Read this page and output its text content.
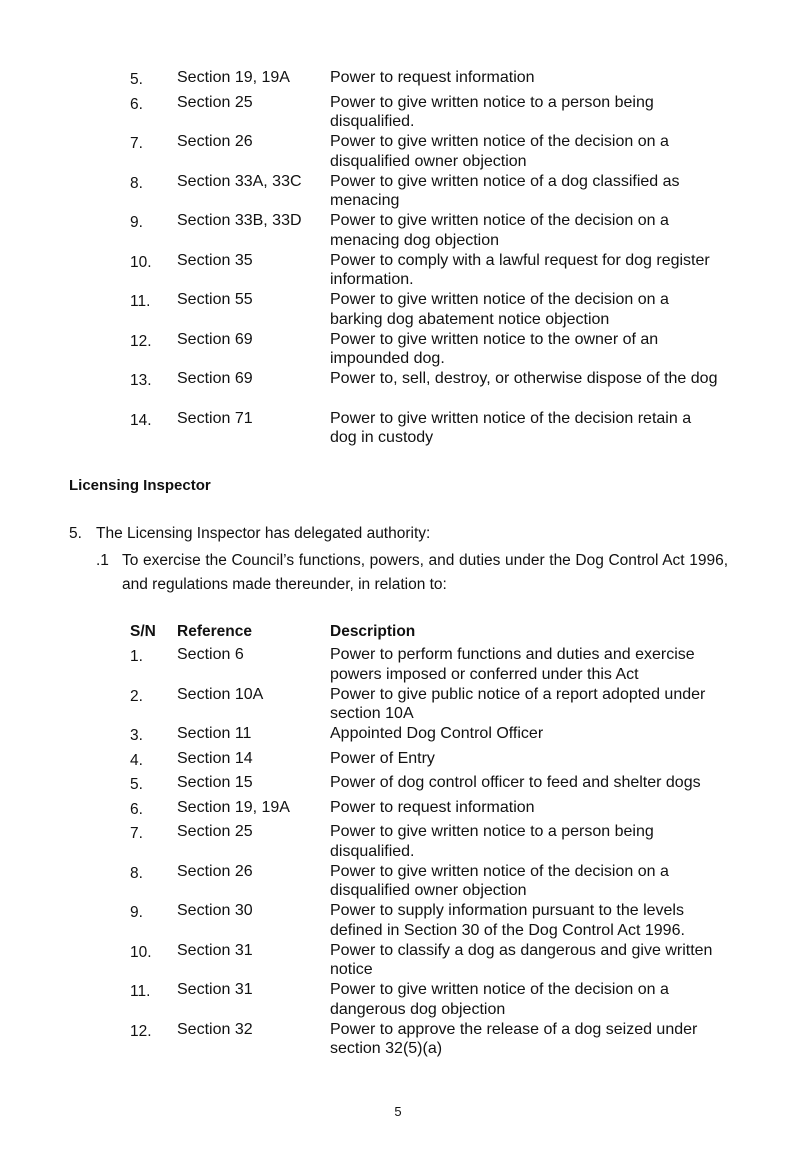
5.	Section 19, 19A	Power to request information
6.	Section 25	Power to give written notice to a person being disqualified.
7.	Section 26	Power to give written notice of the decision on a disqualified owner objection
8.	Section 33A, 33C	Power to give written notice of a dog classified as menacing
9.	Section 33B, 33D	Power to give written notice of the decision on a menacing dog objection
10.	Section 35	Power to comply with a lawful request for dog register information.
11.	Section 55	Power to give written notice of the decision on a barking dog abatement notice objection
12.	Section 69	Power to give written notice to the owner of an impounded dog.
13.	Section 69	Power to, sell, destroy, or otherwise dispose of the dog
14.	Section 71	Power to give written notice of the decision retain a dog in custody
Licensing Inspector
5. The Licensing Inspector has delegated authority:
.1 To exercise the Council’s functions, powers, and duties under the Dog Control Act 1996, and regulations made thereunder, in relation to:
S/N Reference	Description
1.	Section 6	Power to perform functions and duties and exercise powers imposed or conferred under this Act
2.	Section 10A	Power to give public notice of a report adopted under section 10A
3.	Section 11	Appointed Dog Control Officer
4.	Section 14	Power of Entry
5.	Section 15	Power of dog control officer to feed and shelter dogs
6.	Section 19, 19A	Power to request information
7.	Section 25	Power to give written notice to a person being disqualified.
8.	Section 26	Power to give written notice of the decision on a disqualified owner objection
9.	Section 30	Power to supply information pursuant to the levels defined in Section 30 of the Dog Control Act 1996.
10.	Section 31	Power to classify a dog as dangerous and give written notice
11.	Section 31	Power to give written notice of the decision on a dangerous dog objection
12.	Section 32	Power to approve the release of a dog seized under section 32(5)(a)
5
